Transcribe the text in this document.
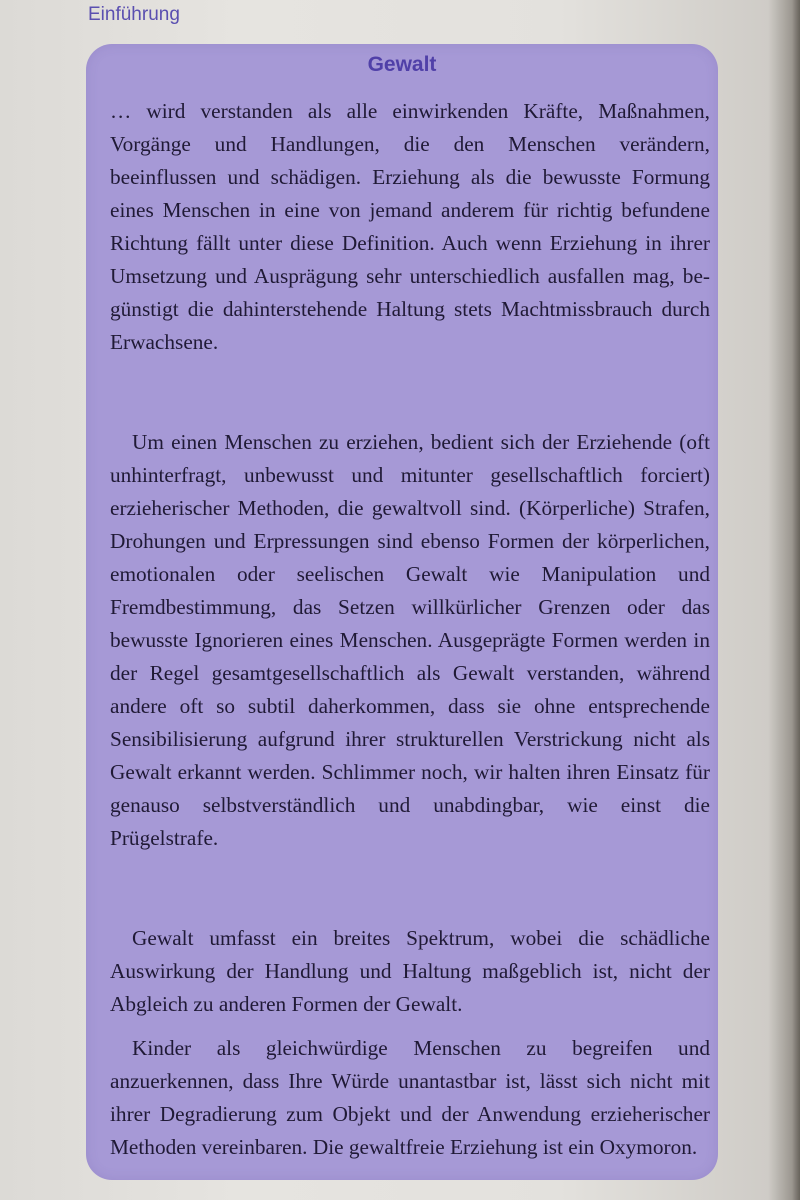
Einführung
Gewalt
… wird verstanden als alle einwirkenden Kräfte, Maßnahmen, Vorgänge und Handlungen, die den Menschen verändern, beeinflussen und schädigen. Erziehung als die bewusste Formung eines Menschen in eine von jemand anderem für richtig befundene Richtung fällt unter diese Definition. Auch wenn Erziehung in ihrer Umsetzung und Ausprägung sehr unterschiedlich ausfallen mag, begünstigt die dahinterstehende Haltung stets Machtmissbrauch durch Erwachsene.
Um einen Menschen zu erziehen, bedient sich der Erziehende (oft unhinterfragt, unbewusst und mitunter gesellschaftlich forciert) erzieherischer Methoden, die gewaltvoll sind. (Körperliche) Strafen, Drohungen und Erpressungen sind ebenso Formen der körperlichen, emotionalen oder seelischen Gewalt wie Manipulation und Fremdbestimmung, das Setzen willkürlicher Grenzen oder das bewusste Ignorieren eines Menschen. Ausgeprägte Formen werden in der Regel gesamtgesellschaftlich als Gewalt verstanden, während andere oft so subtil daherkommen, dass sie ohne entsprechende Sensibilisierung aufgrund ihrer strukturellen Verstrickung nicht als Gewalt erkannt werden. Schlimmer noch, wir halten ihren Einsatz für genauso selbstverständlich und unabdingbar, wie einst die Prügelstrafe.
Gewalt umfasst ein breites Spektrum, wobei die schädliche Auswirkung der Handlung und Haltung maßgeblich ist, nicht der Abgleich zu anderen Formen der Gewalt.
Kinder als gleichwürdige Menschen zu begreifen und anzuerkennen, dass Ihre Würde unantastbar ist, lässt sich nicht mit ihrer Degradierung zum Objekt und der Anwendung erzieherischer Methoden vereinbaren. Die gewaltfreie Erziehung ist ein Oxymoron.
